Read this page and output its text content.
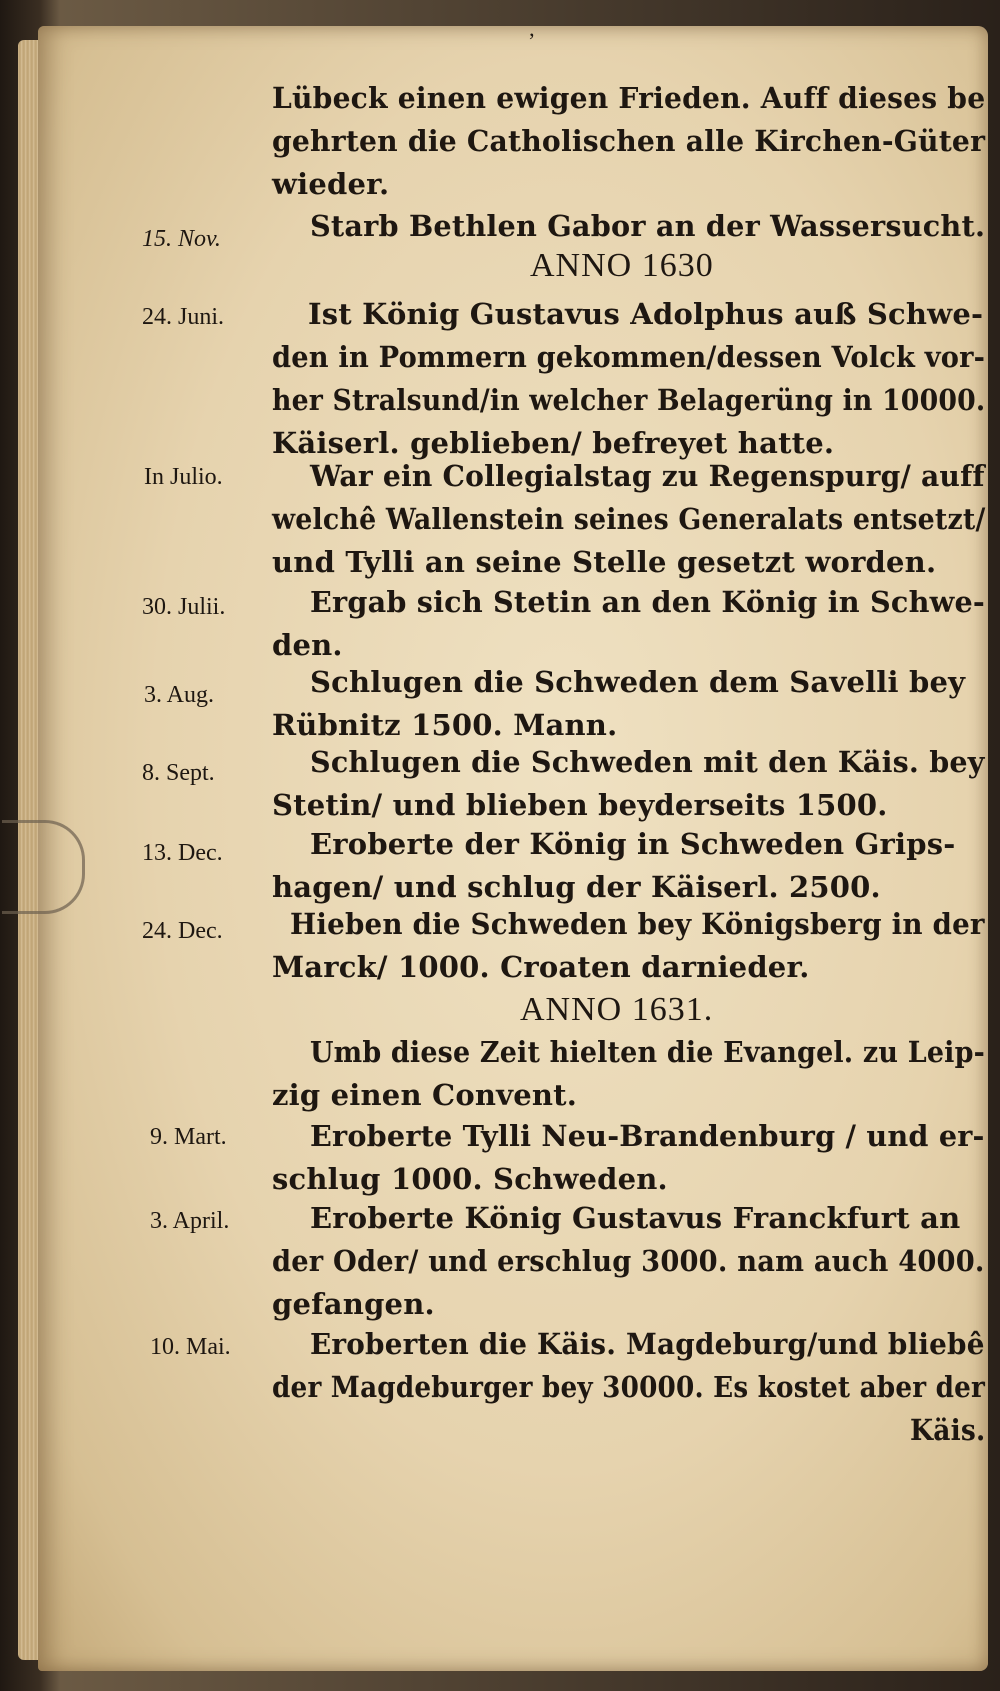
’
Lübeck einen ewigen Frieden. Auff dieses be
gehrten die Catholischen alle Kirchen-Güter
wieder.
15. Nov.	Starb Bethlen Gabor an der Wassersucht.
ANNO 1630
24. Juni.	Ist König Gustavus Adolphus auß Schwe-
den in Pommern gekommen/dessen Volck vor-
her Stralsund/in welcher Belagerüng in 10000.
Käiserl. geblieben/ befreyet hatte.
In Julio.	War ein Collegialstag zu Regenspurg/ auff
welchê Wallenstein seines Generalats entsetzt/
und Tylli an seine Stelle gesetzt worden.
30. Julii.	Ergab sich Stetin an den König in Schwe-
den.
3. Aug.	Schlugen die Schweden dem Savelli bey
Rübnitz 1500. Mann.
8. Sept.	Schlugen die Schweden mit den Käis. bey
Stetin/ und blieben beyderseits 1500.
13. Dec.	Eroberte der König in Schweden Grips-
hagen/ und schlug der Käiserl. 2500.
24. Dec. Hieben die Schweden bey Königsberg in der
Marck/ 1000. Croaten darnieder.
ANNO 1631.
Umb diese Zeit hielten die Evangel. zu Leip-
zig einen Convent.
9. Mart.	Eroberte Tylli Neu-Brandenburg / und er-
schlug 1000. Schweden.
3. April.	Eroberte König Gustavus Franckfurt an
der Oder/ und erschlug 3000. nam auch 4000.
gefangen.
10. Mai.	Eroberten die Käis. Magdeburg/und bliebê
der Magdeburger bey 30000. Es kostet aber der
Käis.
